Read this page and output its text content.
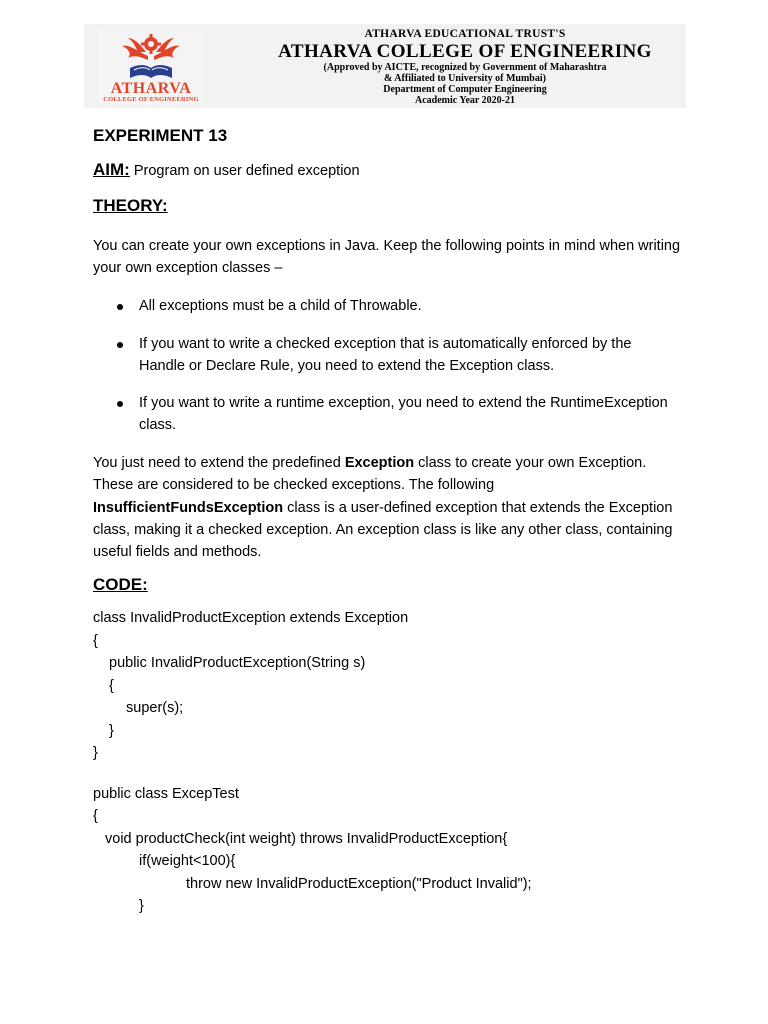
ATHARVA
COLLEGE OF ENGINEERING
ATHARVA EDUCATIONAL TRUST'S
ATHARVA COLLEGE OF ENGINEERING
(Approved by AICTE, recognized by Government of Maharashtra
& Affiliated to University of Mumbai)
Department of Computer Engineering
Academic Year 2020-21
EXPERIMENT 13
AIM: Program on user defined exception
THEORY:
You can create your own exceptions in Java. Keep the following points in mind when writing your own exception classes –
All exceptions must be a child of Throwable.
If you want to write a checked exception that is automatically enforced by the Handle or Declare Rule, you need to extend the Exception class.
If you want to write a runtime exception, you need to extend the RuntimeException class.
You just need to extend the predefined Exception class to create your own Exception. These are considered to be checked exceptions. The following InsufficientFundsException class is a user-defined exception that extends the Exception class, making it a checked exception. An exception class is like any other class, containing useful fields and methods.
CODE:
class InvalidProductException extends Exception
{
public InvalidProductException(String s)
{
super(s);
}
}
public class ExcepTest
{
void productCheck(int weight) throws InvalidProductException{
if(weight<100){
throw new InvalidProductException("Product Invalid");
}
